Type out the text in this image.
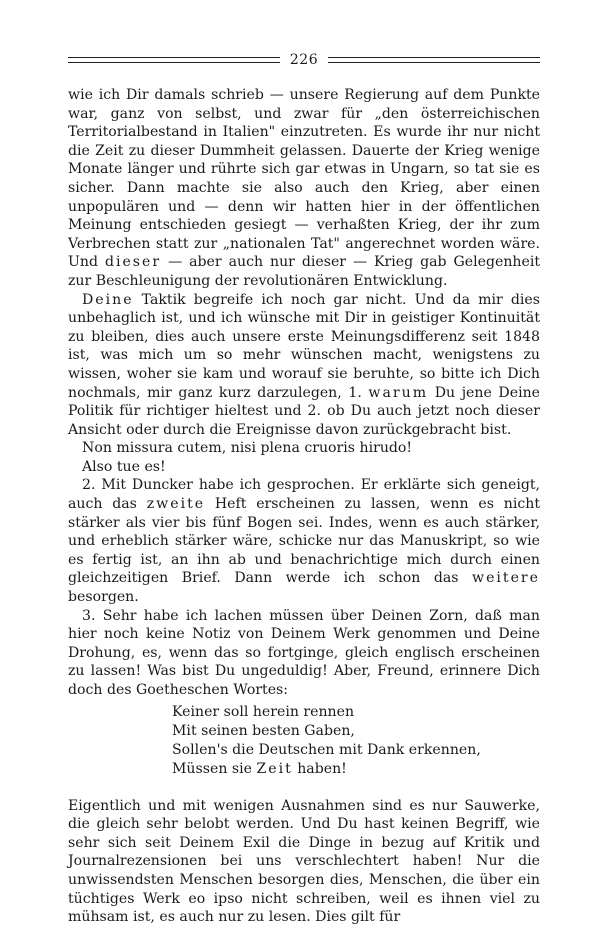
226

wie ich Dir damals schrieb — unsere Regierung auf dem Punkte war, ganz von selbst, und zwar für „den österreichischen Territorialbestand in Italien" einzutreten. Es wurde ihr nur nicht die Zeit zu dieser Dummheit gelassen. Dauerte der Krieg wenige Monate länger und rührte sich gar etwas in Ungarn, so tat sie es sicher. Dann machte sie also auch den Krieg, aber einen unpopulären und — denn wir hatten hier in der öffentlichen Meinung entschieden gesiegt — verhaßten Krieg, der ihr zum Verbrechen statt zur „nationalen Tat" angerechnet worden wäre. Und dieser — aber auch nur dieser — Krieg gab Gelegenheit zur Beschleunigung der revolutionären Entwicklung.

Deine Taktik begreife ich noch gar nicht. Und da mir dies unbehaglich ist, und ich wünsche mit Dir in geistiger Kontinuität zu bleiben, dies auch unsere erste Meinungsdifferenz seit 1848 ist, was mich um so mehr wünschen macht, wenigstens zu wissen, woher sie kam und worauf sie beruhte, so bitte ich Dich nochmals, mir ganz kurz darzulegen, 1. warum Du jene Deine Politik für richtiger hieltest und 2. ob Du auch jetzt noch dieser Ansicht oder durch die Ereignisse davon zurückgebracht bist.

Non missura cutem, nisi plena cruoris hirudo!

Also tue es!

2. Mit Duncker habe ich gesprochen. Er erklärte sich geneigt, auch das zweite Heft erscheinen zu lassen, wenn es nicht stärker als vier bis fünf Bogen sei. Indes, wenn es auch stärker, und erheblich stärker wäre, schicke nur das Manuskript, so wie es fertig ist, an ihn ab und benachrichtige mich durch einen gleichzeitigen Brief. Dann werde ich schon das weitere besorgen.

3. Sehr habe ich lachen müssen über Deinen Zorn, daß man hier noch keine Notiz von Deinem Werk genommen und Deine Drohung, es, wenn das so fortginge, gleich englisch erscheinen zu lassen! Was bist Du ungeduldig! Aber, Freund, erinnere Dich doch des Goetheschen Wortes:

Keiner soll herein rennen
Mit seinen besten Gaben,
Sollen's die Deutschen mit Dank erkennen,
Müssen sie Zeit haben!

Eigentlich und mit wenigen Ausnahmen sind es nur Sauwerke, die gleich sehr belobt werden. Und Du hast keinen Begriff, wie sehr sich seit Deinem Exil die Dinge in bezug auf Kritik und Journalrezensionen bei uns verschlechtert haben! Nur die unwissendsten Menschen besorgen dies, Menschen, die über ein tüchtiges Werk eo ipso nicht schreiben, weil es ihnen viel zu mühsam ist, es auch nur zu lesen. Dies gilt für
